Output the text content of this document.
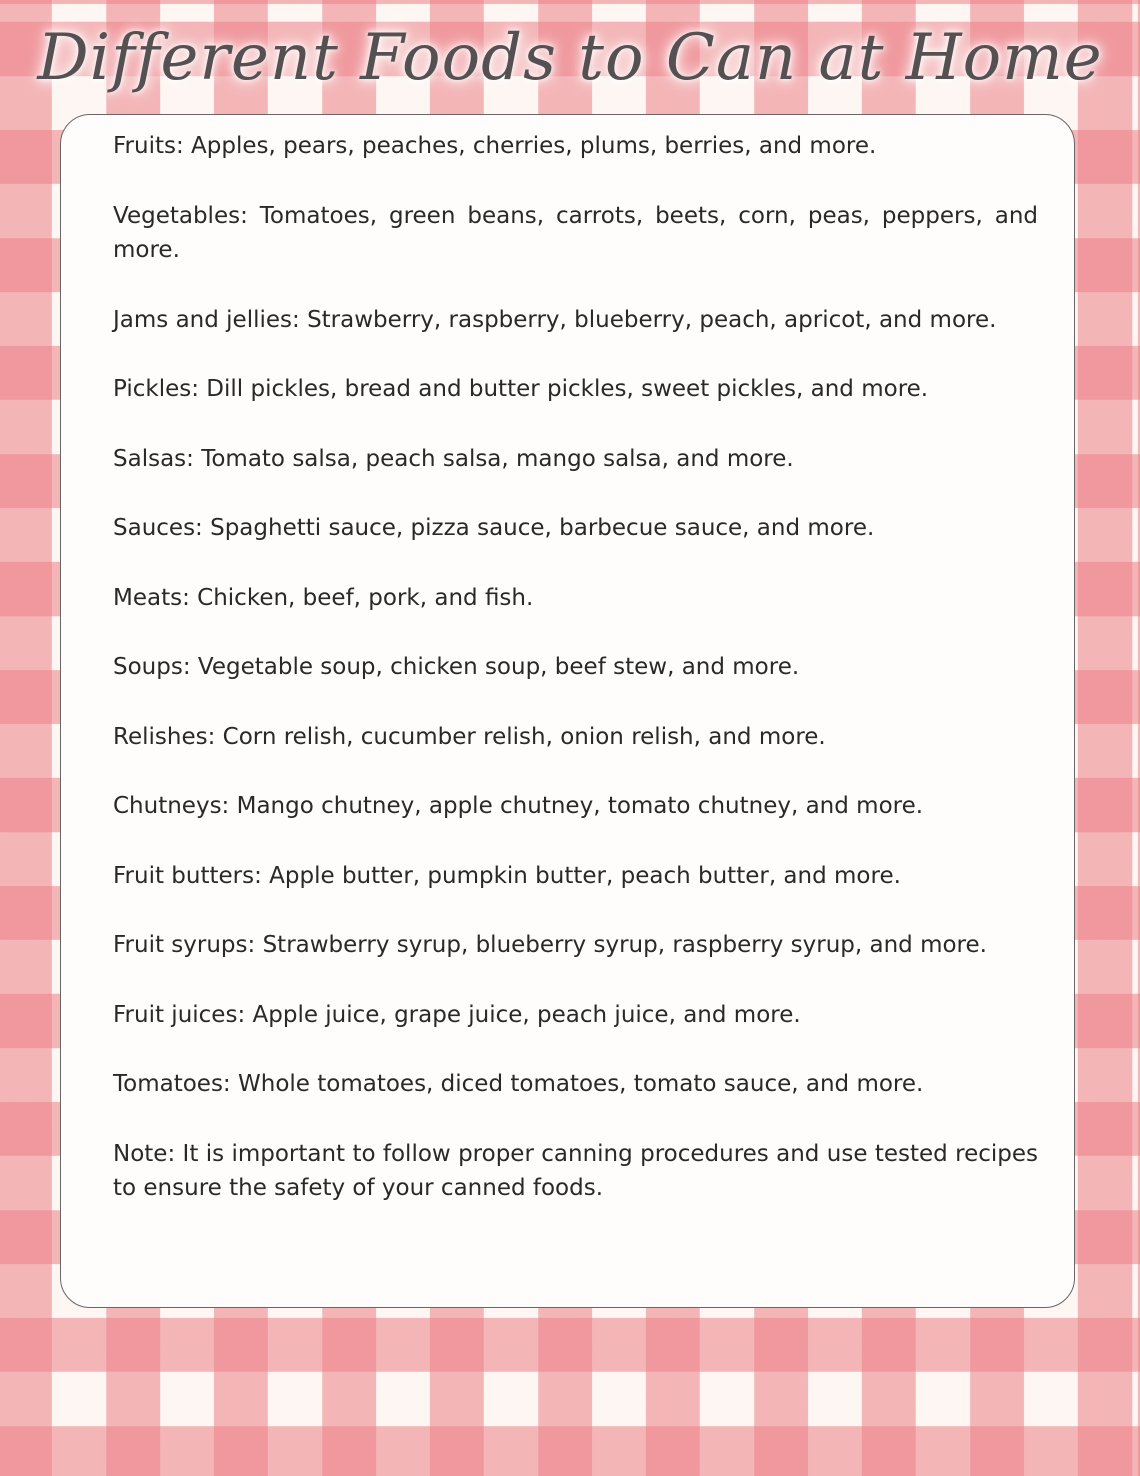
Different Foods to Can at Home

Fruits: Apples, pears, peaches, cherries, plums, berries, and more.

Vegetables: Tomatoes, green beans, carrots, beets, corn, peas, peppers, and more.

Jams and jellies: Strawberry, raspberry, blueberry, peach, apricot, and more.

Pickles: Dill pickles, bread and butter pickles, sweet pickles, and more.

Salsas: Tomato salsa, peach salsa, mango salsa, and more.

Sauces: Spaghetti sauce, pizza sauce, barbecue sauce, and more.

Meats: Chicken, beef, pork, and fish.

Soups: Vegetable soup, chicken soup, beef stew, and more.

Relishes: Corn relish, cucumber relish, onion relish, and more.

Chutneys: Mango chutney, apple chutney, tomato chutney, and more.

Fruit butters: Apple butter, pumpkin butter, peach butter, and more.

Fruit syrups: Strawberry syrup, blueberry syrup, raspberry syrup, and more.

Fruit juices: Apple juice, grape juice, peach juice, and more.

Tomatoes: Whole tomatoes, diced tomatoes, tomato sauce, and more.

Note: It is important to follow proper canning procedures and use tested recipes to ensure the safety of your canned foods.
